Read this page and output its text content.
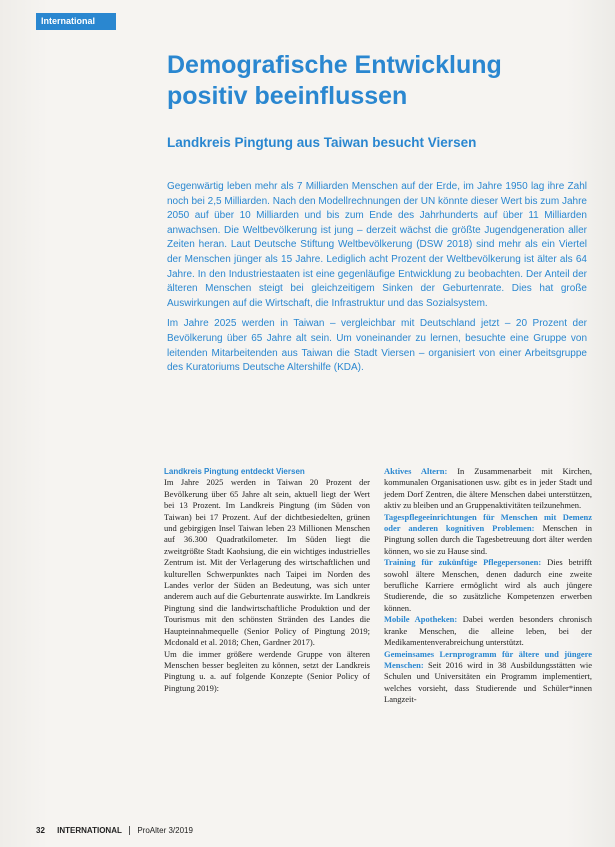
International
Demografische Entwicklung
positiv beeinflussen
Landkreis Pingtung aus Taiwan besucht Viersen

Gegenwärtig leben mehr als 7 Milliarden Menschen auf der Erde, im Jahre 1950 lag ihre Zahl noch bei 2,5 Milliarden. Nach den Modellrechnungen der UN könnte dieser Wert bis zum Jahre 2050 auf über 10 Milliarden und bis zum Ende des Jahrhunderts auf über 11 Milliarden anwachsen. Die Weltbevölkerung ist jung – derzeit wächst die größte Jugendgeneration aller Zeiten heran. Laut Deutsche Stiftung Weltbevölkerung (DSW 2018) sind mehr als ein Viertel der Menschen jünger als 15 Jahre. Lediglich acht Prozent der Weltbevölkerung ist älter als 64 Jahre. In den Industriestaaten ist eine gegenläufige Entwicklung zu beobachten. Der Anteil der älteren Menschen steigt bei gleichzeitigem Sinken der Geburtenrate. Dies hat große Auswirkungen auf die Wirtschaft, die Infrastruktur und das Sozialsystem.

Im Jahre 2025 werden in Taiwan – vergleichbar mit Deutschland jetzt – 20 Prozent der Bevölkerung über 65 Jahre alt sein. Um voneinander zu lernen, besuchte eine Gruppe von leitenden Mitarbeitenden aus Taiwan die Stadt Viersen – organisiert von einer Arbeitsgruppe des Kuratoriums Deutsche Altershilfe (KDA).

Landkreis Pingtung entdeckt Viersen

Im Jahre 2025 werden in Taiwan 20 Prozent der Bevölkerung über 65 Jahre alt sein, aktuell liegt der Wert bei 13 Prozent. Im Landkreis Pingtung (im Süden von Taiwan) bei 17 Prozent. Auf der dichtbesiedelten, grünen und gebirgigen Insel Taiwan leben 23 Millionen Menschen auf 36.300 Quadratkilometer. Im Süden liegt die zweitgrößte Stadt Kaohsiung, die ein wichtiges industrielles Zentrum ist. Mit der Verlagerung des wirtschaftlichen und kulturellen Schwerpunktes nach Taipei im Norden des Landes verlor der Süden an Bedeutung, was sich unter anderem auch auf die Geburtenrate auswirkte. Im Landkreis Pingtung sind die landwirtschaftliche Produktion und der Tourismus mit den schönsten Stränden des Landes die Haupteinnahmequelle (Senior Policy of Pingtung 2019; Mcdonald et al. 2018; Chen, Gardner 2017).

Um die immer größere werdende Gruppe von älteren Menschen besser begleiten zu können, setzt der Landkreis Pingtung u. a. auf folgende Konzepte (Senior Policy of Pingtung 2019):

Aktives Altern: In Zusammenarbeit mit Kirchen, kommunalen Organisationen usw. gibt es in jeder Stadt und jedem Dorf Zentren, die ältere Menschen dabei unterstützen, aktiv zu bleiben und an Gruppenaktivitäten teilzunehmen.

Tagespflegeeinrichtungen für Menschen mit Demenz oder anderen kognitiven Problemen: Menschen in Pingtung sollen durch die Tagesbetreuung dort älter werden können, wo sie zu Hause sind.

Training für zukünftige Pflegepersonen: Dies betrifft sowohl ältere Menschen, denen dadurch eine zweite berufliche Karriere ermöglicht wird als auch jüngere Studierende, die so zusätzliche Kompetenzen erwerben können.

Mobile Apotheken: Dabei werden besonders chronisch kranke Menschen, die alleine leben, bei der Medikamentenverabreichung unterstützt.

Gemeinsames Lernprogramm für ältere und jüngere Menschen: Seit 2016 wird in 38 Ausbildungsstätten wie Schulen und Universitäten ein Programm implementiert, welches vorsieht, dass Studierende und Schüler*innen Langzeit-

32 INTERNATIONAL ProAlter 3/2019
